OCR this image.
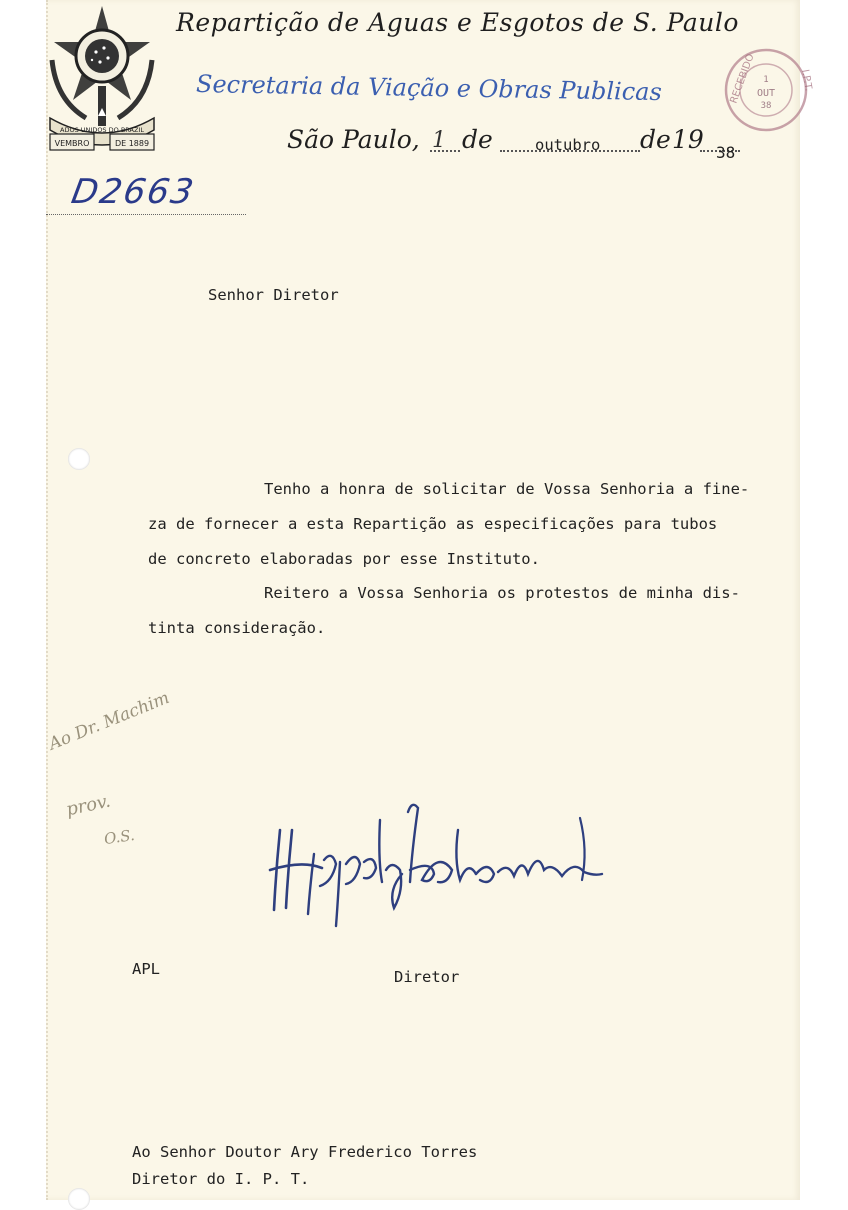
ADOS UNIDOS DO BRAZIL
VEMBRO	DE 1889
Repartição de Aguas e Esgotos de S. Paulo
Secretaria da Viação e Obras Publicas	RECEBIDO	I.P.T.
1
OUT
38
São Paulo, 1 de	outubro de 19 38
D2663
Senhor Diretor
Tenho a honra de solicitar de Vossa Senhoria a fine-
za de fornecer a esta Repartição as especificações para tubos
de concreto elaboradas por esse Instituto.
Reitero a Vossa Senhoria os protestos de minha dis-
tinta consideração.
Ao Dr. Machim
prov.
O.S.
APL	Diretor
Ao Senhor Doutor Ary Frederico Torres
Diretor do I. P. T.
